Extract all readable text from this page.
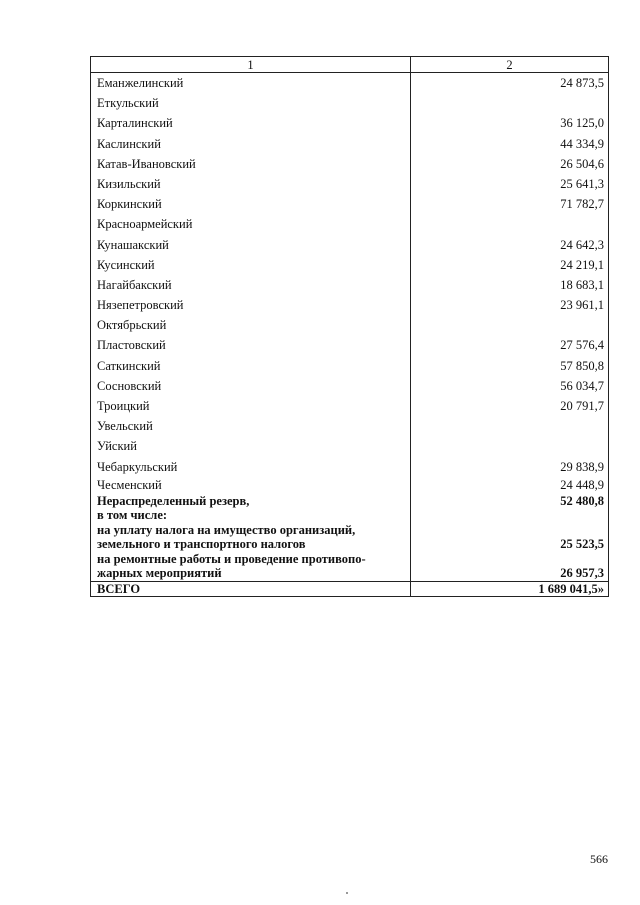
1	2
Еманжелинский	24 873,5
Еткульский	
Карталинский	36 125,0
Каслинский	44 334,9
Катав-Ивановский	26 504,6
Кизильский	25 641,3
Коркинский	71 782,7
Красноармейский	
Кунашакский	24 642,3
Кусинский	24 219,1
Нагайбакский	18 683,1
Нязепетровский	23 961,1
Октябрьский	
Пластовский	27 576,4
Саткинский	57 850,8
Сосновский	56 034,7
Троицкий	20 791,7
Увельский	
Уйский	
Чебаркульский	29 838,9
Чесменский	24 448,9

Нераспределенный резерв,
в том числе:	52 480,8

на уплату налога на имущество организаций,
земельного и транспортного налогов	25 523,5

на ремонтные работы и проведение противопо-
жарных мероприятий	26 957,3
ВСЕГО	1 689 041,5»
566
